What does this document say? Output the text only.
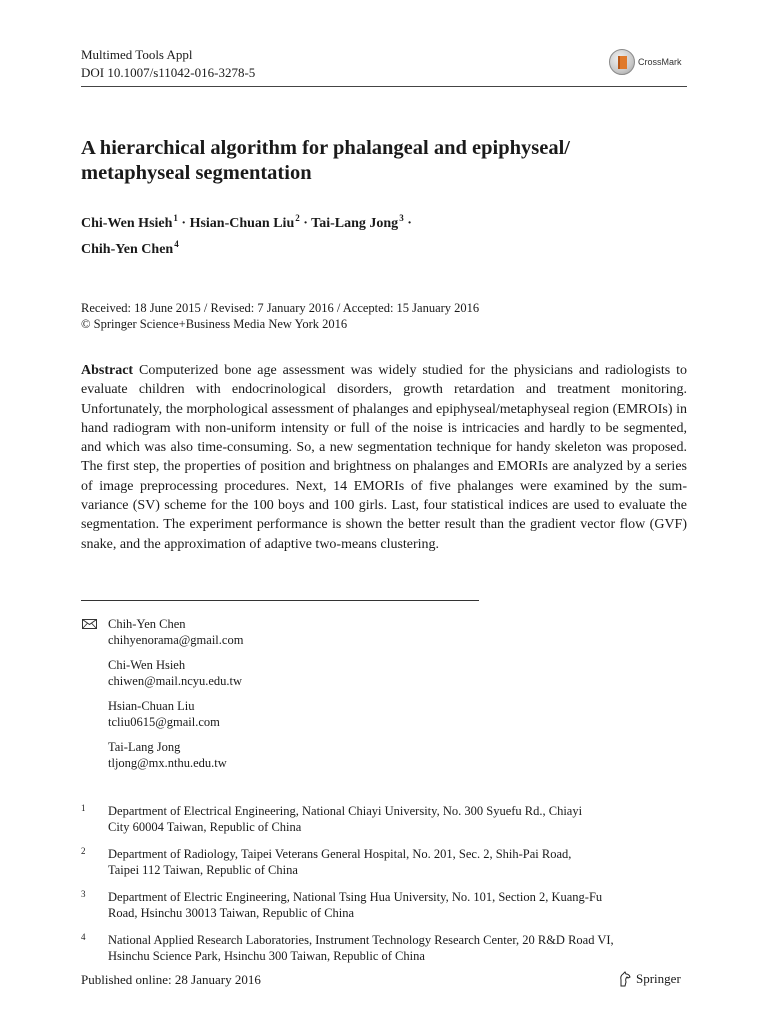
Multimed Tools Appl
DOI 10.1007/s11042-016-3278-5
CrossMark
A hierarchical algorithm for phalangeal and epiphyseal/
metaphyseal segmentation
Chi-Wen Hsieh$^1$ · Hsian-Chuan Liu$^2$ · Tai-Lang Jong$^3$ ·
Chih-Yen Chen$^4$
Received: 18 June 2015 / Revised: 7 January 2016 / Accepted: 15 January 2016
© Springer Science+Business Media New York 2016
Abstract Computerized bone age assessment was widely studied for the physicians and radiologists to evaluate children with endocrinological disorders, growth retardation and treatment monitoring. Unfortunately, the morphological assessment of phalanges and epiphyseal/metaphyseal region (EMROIs) in hand radiogram with non-uniform intensity or full of the noise is intricacies and hardly to be segmented, and which was also time-consuming. So, a new segmentation technique for handy skeleton was proposed. The first step, the properties of position and brightness on phalanges and EMORIs are analyzed by a series of image preprocessing procedures. Next, 14 EMORIs of five phalanges were examined by the sum-variance (SV) scheme for the 100 boys and 100 girls. Last, four statistical indices are used to evaluate the segmentation. The experiment performance is shown the better result than the gradient vector flow (GVF) snake, and the approximation of adaptive two-means clustering.
Chih-Yen Chen
chihyenorama@gmail.com
Chi-Wen Hsieh
chiwen@mail.ncyu.edu.tw
Hsian-Chuan Liu
tcliu0615@gmail.com
Tai-Lang Jong
tljong@mx.nthu.edu.tw
1 Department of Electrical Engineering, National Chiayi University, No. 300 Syuefu Rd., Chiayi
City 60004 Taiwan, Republic of China
2 Department of Radiology, Taipei Veterans General Hospital, No. 201, Sec. 2, Shih-Pai Road,
Taipei 112 Taiwan, Republic of China
3 Department of Electric Engineering, National Tsing Hua University, No. 101, Section 2, Kuang-Fu
Road, Hsinchu 30013 Taiwan, Republic of China
4 National Applied Research Laboratories, Instrument Technology Research Center, 20 R&D Road VI,
Hsinchu Science Park, Hsinchu 300 Taiwan, Republic of China
Published online: 28 January 2016	Springer
